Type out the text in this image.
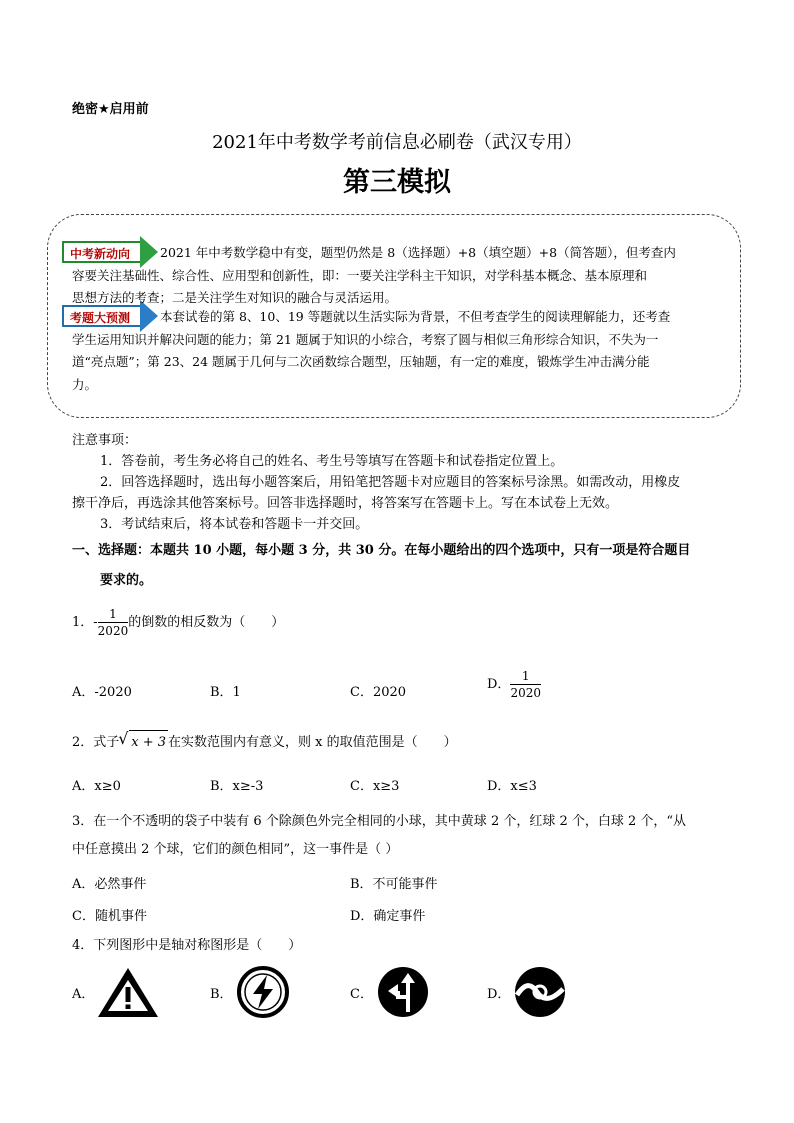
绝密★启用前
2021年中考数学考前信息必刷卷（武汉专用）
第三模拟
中考新动向
考题大预测
2021 年中考数学稳中有变，题型仍然是 8（选择题）+8（填空题）+8（简答题），但考查内
容要关注基础性、综合性、应用型和创新性，即：一要关注学科主干知识，对学科基本概念、基本原理和
思想方法的考查；二是关注学生对知识的融合与灵活运用。
本套试卷的第 8、10、19 等题就以生活实际为背景，不但考查学生的阅读理解能力，还考查
学生运用知识并解决问题的能力；第 21 题属于知识的小综合，考察了圆与相似三角形综合知识，不失为一
道“亮点题”；第 23、24 题属于几何与二次函数综合题型，压轴题，有一定的难度，锻炼学生冲击满分能
力。
注意事项：
1．答卷前，考生务必将自己的姓名、考生号等填写在答题卡和试卷指定位置上。
2．回答选择题时，选出每小题答案后，用铅笔把答题卡对应题目的答案标号涂黑。如需改动，用橡皮
擦干净后，再选涂其他答案标号。回答非选择题时，将答案写在答题卡上。写在本试卷上无效。
3．考试结束后，将本试卷和答题卡一并交回。
一、选择题：本题共 10 小题，每小题 3 分，共 30 分。在每小题给出的四个选项中，只有一项是符合题目
要求的。
1．- $\frac{1}{2020}$ 的倒数的相反数为（　　）
A．-2020	B．1	C．2020
D． $\frac{1}{2020}$
2．式子√ x + 3 在实数范围内有意义，则 x 的取值范围是（　　）
A．x≥0	B．x≥-3	C．x≥3	D．x≤3
3．在一个不透明的袋子中装有 6 个除颜色外完全相同的小球，其中黄球 2 个，红球 2 个，白球 2 个，“从
中任意摸出 2 个球，它们的颜色相同”，这一事件是（ ）
A．必然事件	B．不可能事件
C．随机事件	D．确定事件
4．下列图形中是轴对称图形是（　　）
A．	B．	C．	D．
